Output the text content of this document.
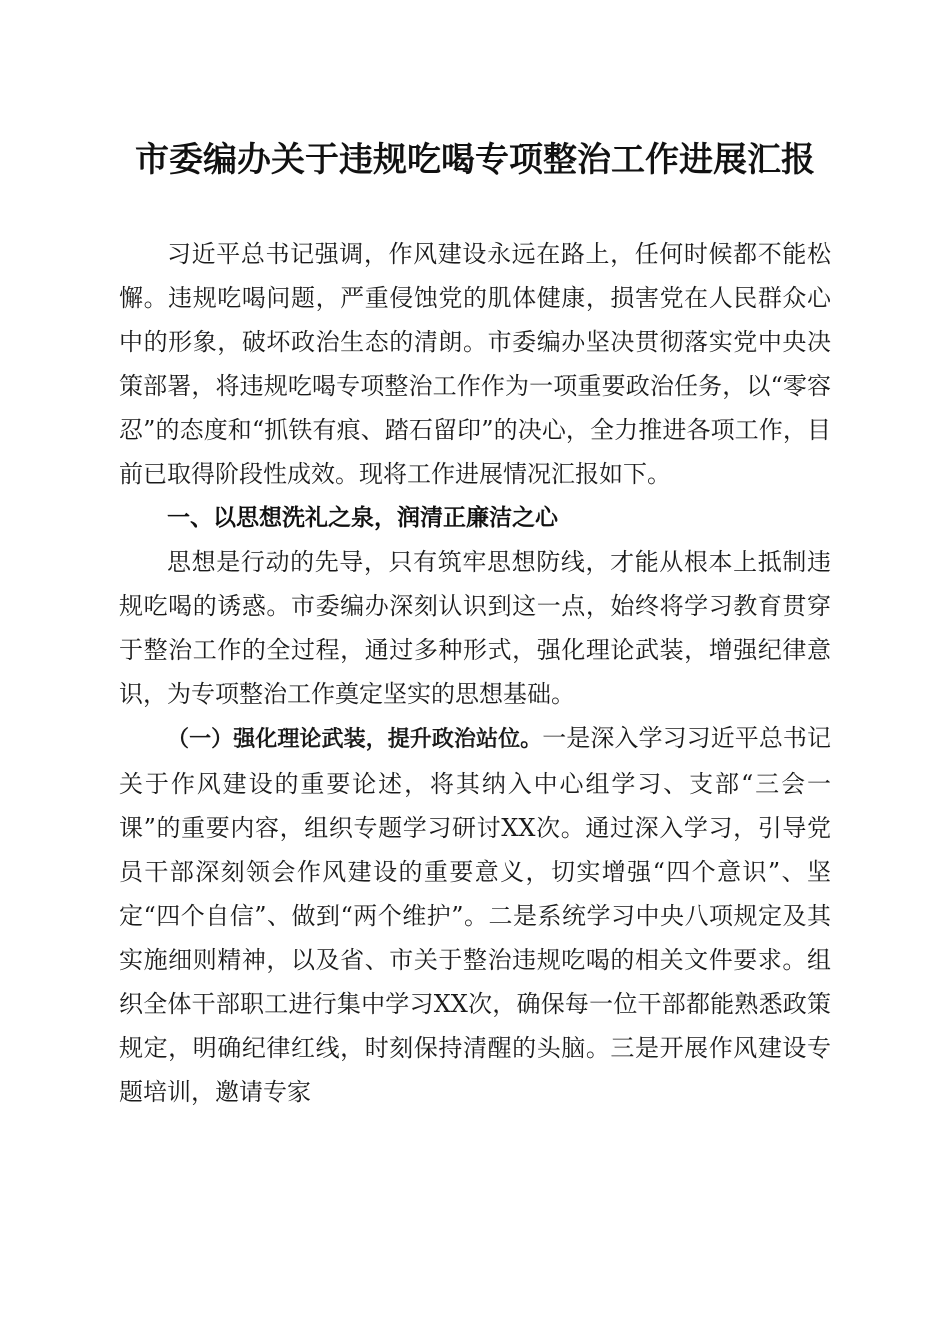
市委编办关于违规吃喝专项整治工作进展汇报

习近平总书记强调，作风建设永远在路上，任何时候都不能松懈。违规吃喝问题，严重侵蚀党的肌体健康，损害党在人民群众心中的形象，破坏政治生态的清朗。市委编办坚决贯彻落实党中央决策部署，将违规吃喝专项整治工作作为一项重要政治任务，以“零容忍”的态度和“抓铁有痕、踏石留印”的决心，全力推进各项工作，目前已取得阶段性成效。现将工作进展情况汇报如下。

一、以思想洗礼之泉，润清正廉洁之心

思想是行动的先导，只有筑牢思想防线，才能从根本上抵制违规吃喝的诱惑。市委编办深刻认识到这一点，始终将学习教育贯穿于整治工作的全过程，通过多种形式，强化理论武装，增强纪律意识，为专项整治工作奠定坚实的思想基础。

（一）强化理论武装，提升政治站位。一是深入学习习近平总书记关于作风建设的重要论述，将其纳入中心组学习、支部“三会一课”的重要内容，组织专题学习研讨XX次。通过深入学习，引导党员干部深刻领会作风建设的重要意义，切实增强“四个意识”、坚定“四个自信”、做到“两个维护”。二是系统学习中央八项规定及其实施细则精神，以及省、市关于整治违规吃喝的相关文件要求。组织全体干部职工进行集中学习XX次，确保每一位干部都能熟悉政策规定，明确纪律红线，时刻保持清醒的头脑。三是开展作风建设专题培训，邀请专家
